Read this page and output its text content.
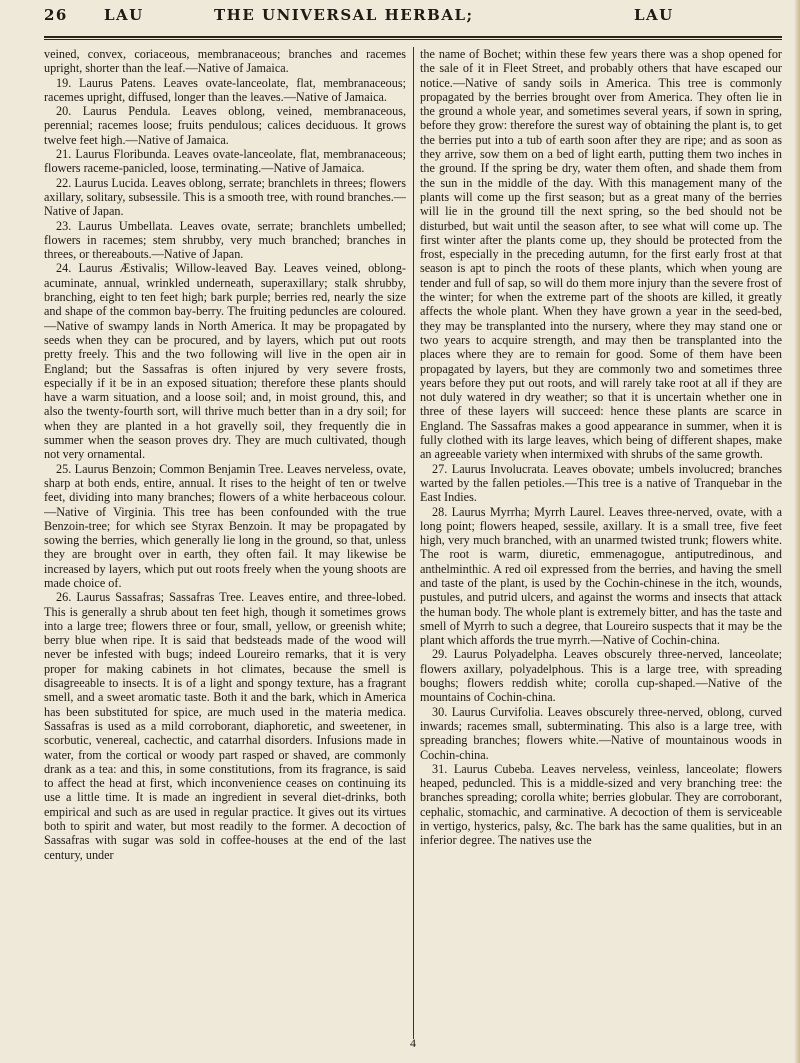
26	LAU	THE UNIVERSAL HERBAL;	LAU

veined, convex, coriaceous, membranaceous; branches and racemes upright, shorter than the leaf.—Native of Jamaica.

19. Laurus Patens. Leaves ovate-lanceolate, flat, membranaceous; racemes upright, diffused, longer than the leaves.—Native of Jamaica.

20. Laurus Pendula. Leaves oblong, veined, membranaceous, perennial; racemes loose; fruits pendulous; calices deciduous. It grows twelve feet high.—Native of Jamaica.

21. Laurus Floribunda. Leaves ovate-lanceolate, flat, membranaceous; flowers raceme-panicled, loose, terminating.—Native of Jamaica.

22. Laurus Lucida. Leaves oblong, serrate; branchlets in threes; flowers axillary, solitary, subsessile. This is a smooth tree, with round branches.—Native of Japan.

23. Laurus Umbellata. Leaves ovate, serrate; branchlets umbelled; flowers in racemes; stem shrubby, very much branched; branches in threes, or thereabouts.—Native of Japan.

24. Laurus Æstivalis; Willow-leaved Bay. Leaves veined, oblong-acuminate, annual, wrinkled underneath, superaxillary; stalk shrubby, branching, eight to ten feet high; bark purple; berries red, nearly the size and shape of the common bay-berry. The fruiting peduncles are coloured.—Native of swampy lands in North America. It may be propagated by seeds when they can be procured, and by layers, which put out roots pretty freely. This and the two following will live in the open air in England; but the Sassafras is often injured by very severe frosts, especially if it be in an exposed situation; therefore these plants should have a warm situation, and a loose soil; and, in moist ground, this, and also the twenty-fourth sort, will thrive much better than in a dry soil; for when they are planted in a hot gravelly soil, they frequently die in summer when the season proves dry. They are much cultivated, though not very ornamental.

25. Laurus Benzoin; Common Benjamin Tree. Leaves nerveless, ovate, sharp at both ends, entire, annual. It rises to the height of ten or twelve feet, dividing into many branches; flowers of a white herbaceous colour.—Native of Virginia. This tree has been confounded with the true Benzoin-tree; for which see Styrax Benzoin. It may be propagated by sowing the berries, which generally lie long in the ground, so that, unless they are brought over in earth, they often fail. It may likewise be increased by layers, which put out roots freely when the young shoots are made choice of.

26. Laurus Sassafras; Sassafras Tree. Leaves entire, and three-lobed. This is generally a shrub about ten feet high, though it sometimes grows into a large tree; flowers three or four, small, yellow, or greenish white; berry blue when ripe. It is said that bedsteads made of the wood will never be infested with bugs; indeed Loureiro remarks, that it is very proper for making cabinets in hot climates, because the smell is disagreeable to insects. It is of a light and spongy texture, has a fragrant smell, and a sweet aromatic taste. Both it and the bark, which in America has been substituted for spice, are much used in the materia medica. Sassafras is used as a mild corroborant, diaphoretic, and sweetener, in scorbutic, venereal, cachectic, and catarrhal disorders. Infusions made in water, from the cortical or woody part rasped or shaved, are commonly drank as a tea: and this, in some constitutions, from its fragrance, is said to affect the head at first, which inconvenience ceases on continuing its use a little time. It is made an ingredient in several diet-drinks, both empirical and such as are used in regular practice. It gives out its virtues both to spirit and water, but most readily to the former. A decoction of Sassafras with sugar was sold in coffee-houses at the end of the last century, under

the name of Bochet; within these few years there was a shop opened for the sale of it in Fleet Street, and probably others that have escaped our notice.—Native of sandy soils in America. This tree is commonly propagated by the berries brought over from America. They often lie in the ground a whole year, and sometimes several years, if sown in spring, before they grow: therefore the surest way of obtaining the plant is, to get the berries put into a tub of earth soon after they are ripe; and as soon as they arrive, sow them on a bed of light earth, putting them two inches in the ground. If the spring be dry, water them often, and shade them from the sun in the middle of the day. With this management many of the plants will come up the first season; but as a great many of the berries will lie in the ground till the next spring, so the bed should not be disturbed, but wait until the season after, to see what will come up. The first winter after the plants come up, they should be protected from the frost, especially in the preceding autumn, for the first early frost at that season is apt to pinch the roots of these plants, which when young are tender and full of sap, so will do them more injury than the severe frost of the winter; for when the extreme part of the shoots are killed, it greatly affects the whole plant. When they have grown a year in the seed-bed, they may be transplanted into the nursery, where they may stand one or two years to acquire strength, and may then be transplanted into the places where they are to remain for good. Some of them have been propagated by layers, but they are commonly two and sometimes three years before they put out roots, and will rarely take root at all if they are not duly watered in dry weather; so that it is uncertain whether one in three of these layers will succeed: hence these plants are scarce in England. The Sassafras makes a good appearance in summer, when it is fully clothed with its large leaves, which being of different shapes, make an agreeable variety when intermixed with shrubs of the same growth.

27. Laurus Involucrata. Leaves obovate; umbels involucred; branches warted by the fallen petioles.—This tree is a native of Tranquebar in the East Indies.

28. Laurus Myrrha; Myrrh Laurel. Leaves three-nerved, ovate, with a long point; flowers heaped, sessile, axillary. It is a small tree, five feet high, very much branched, with an unarmed twisted trunk; flowers white. The root is warm, diuretic, emmenagogue, antiputredinous, and anthelminthic. A red oil expressed from the berries, and having the smell and taste of the plant, is used by the Cochin-chinese in the itch, wounds, pustules, and putrid ulcers, and against the worms and insects that attack the human body. The whole plant is extremely bitter, and has the taste and smell of Myrrh to such a degree, that Loureiro suspects that it may be the plant which affords the true myrrh.—Native of Cochin-china.

29. Laurus Polyadelpha. Leaves obscurely three-nerved, lanceolate; flowers axillary, polyadelphous. This is a large tree, with spreading boughs; flowers reddish white; corolla cup-shaped.—Native of the mountains of Cochin-china.

30. Laurus Curvifolia. Leaves obscurely three-nerved, oblong, curved inwards; racemes small, subterminating. This also is a large tree, with spreading branches; flowers white.—Native of mountainous woods in Cochin-china.

31. Laurus Cubeba. Leaves nerveless, veinless, lanceolate; flowers heaped, peduncled. This is a middle-sized and very branching tree: the branches spreading; corolla white; berries globular. They are corroborant, cephalic, stomachic, and carminative. A decoction of them is serviceable in vertigo, hysterics, palsy, &c. The bark has the same qualities, but in an inferior degree. The natives use the

4
